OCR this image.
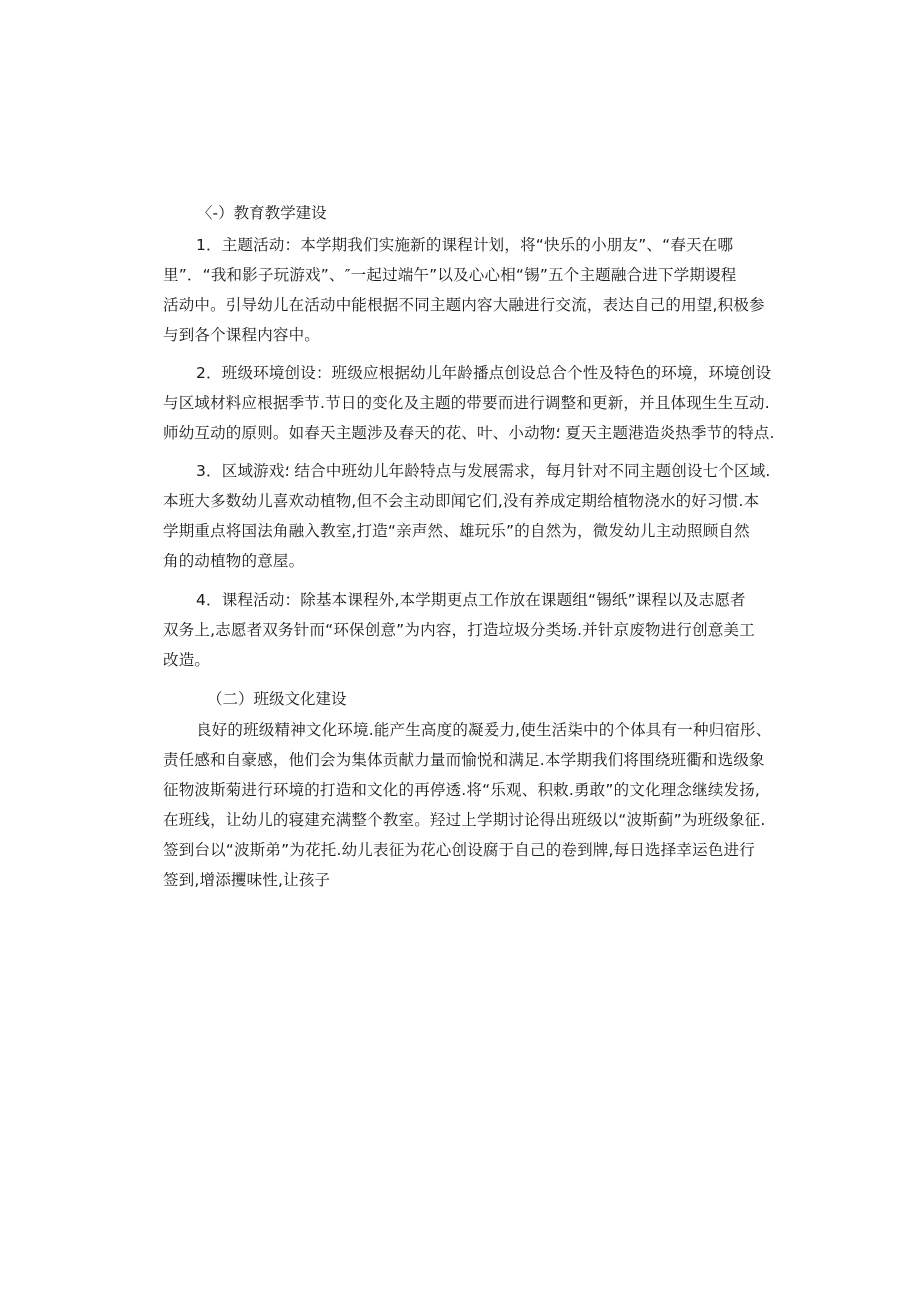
〈-）教育教学建设
1．主题活动：本学期我们实施新的课程计划，将“快乐的小朋友”、“春天在哪
里”．“我和影子玩游戏”、″一起过端午”以及心心相“锡”五个主题融合进下学期谡程
活动中。引导幼儿在活动中能根据不同主题内容大融进行交流，表达自己的用望,积极参
与到各个课程内容中。
2．班级环境创设：班级应根据幼儿年龄播点创设总合个性及特色的环境，环境创设
与区域材料应根据季节.节日的变化及主题的带要而进行调整和更新，并且体现生生互动.
师幼互动的原则。如春天主题涉及春天的花、叶、小动物؛ 夏天主题港造炎热季节的特点.
3．区域游戏؛ 结合中班幼儿年龄特点与发展需求，每月针对不同主题创设七个区域.
本班大多数幼儿喜欢动植物,但不会主动即闻它们,没有养成定期给植物浇水的好习惯.本
学期重点将国法角融入教室,打造“亲声然、雄玩乐”的自然为，微发幼儿主动照顾自然
角的动植物的意屋。
4．课程活动：除基本课程外,本学期更点工作放在课题组“锡纸”课程以及志愿者
双务上,志愿者双务针而“环保创意”为内容，打造垃圾分类场.并针京废物进行创意美工
改造。
（二）班级文化建设
良好的班级精神文化环境.能产生高度的凝爰力,使生活柒中的个体具有一种归宿彤、
责任感和自豪感，他们会为集体贡献力量而愉悦和满足.本学期我们将围绕班衢和选级象
征物波斯菊进行环境的打造和文化的再停透.将“乐观、积敕.勇敢”的文化理念继续发扬,
在班线，让幼儿的寝建充满整个教室。羟过上学期讨论得出班级以“波斯蓟”为班级象征.
签到台以“波斯弟”为花托.幼儿表征为花心创设腐于自己的卷到牌,每日选择幸运色进行
签到,增添攫味性,让孩子
